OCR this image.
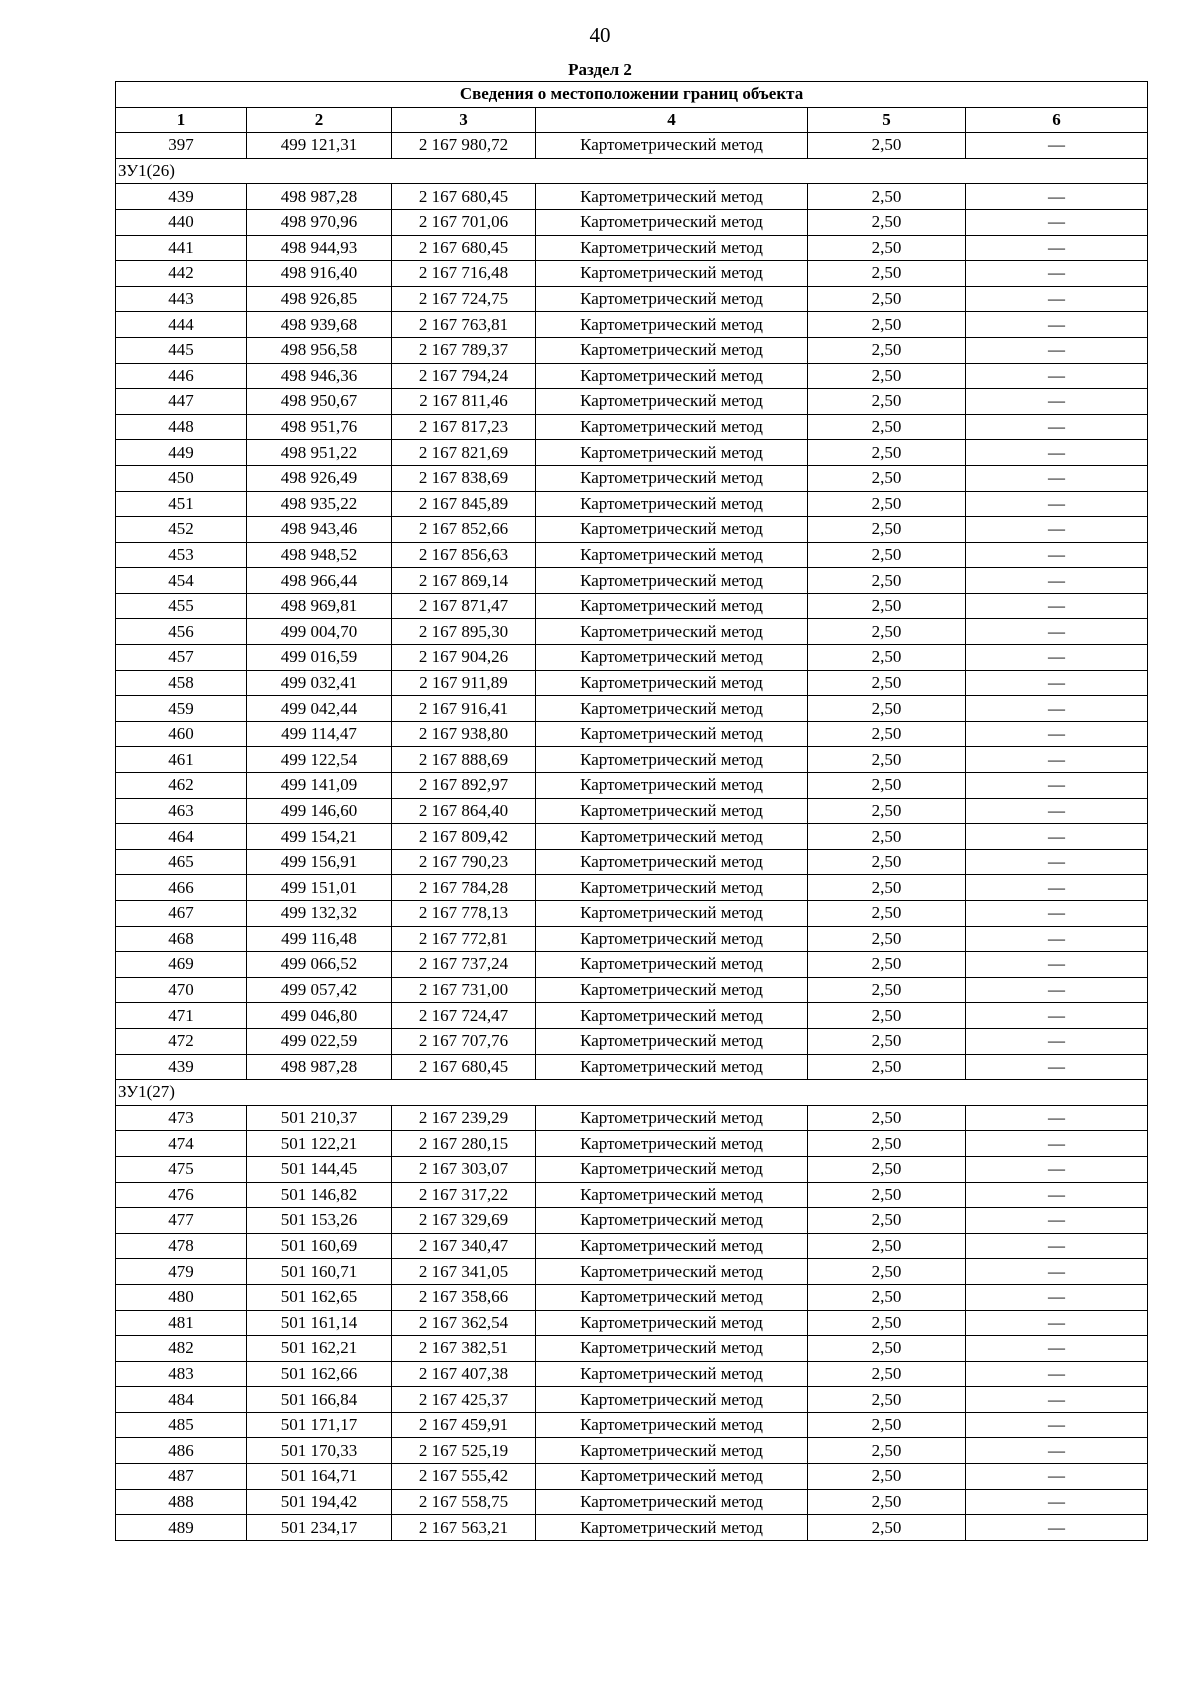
40
Раздел 2
Сведения о местоположении границ объекта					
1	2	3	4	5	6
397	499 121,31	2 167 980,72	Картометрический метод	2,50	—
ЗУ1(26)					
439	498 987,28	2 167 680,45	Картометрический метод	2,50	—
440	498 970,96	2 167 701,06	Картометрический метод	2,50	—
441	498 944,93	2 167 680,45	Картометрический метод	2,50	—
442	498 916,40	2 167 716,48	Картометрический метод	2,50	—
443	498 926,85	2 167 724,75	Картометрический метод	2,50	—
444	498 939,68	2 167 763,81	Картометрический метод	2,50	—
445	498 956,58	2 167 789,37	Картометрический метод	2,50	—
446	498 946,36	2 167 794,24	Картометрический метод	2,50	—
447	498 950,67	2 167 811,46	Картометрический метод	2,50	—
448	498 951,76	2 167 817,23	Картометрический метод	2,50	—
449	498 951,22	2 167 821,69	Картометрический метод	2,50	—
450	498 926,49	2 167 838,69	Картометрический метод	2,50	—
451	498 935,22	2 167 845,89	Картометрический метод	2,50	—
452	498 943,46	2 167 852,66	Картометрический метод	2,50	—
453	498 948,52	2 167 856,63	Картометрический метод	2,50	—
454	498 966,44	2 167 869,14	Картометрический метод	2,50	—
455	498 969,81	2 167 871,47	Картометрический метод	2,50	—
456	499 004,70	2 167 895,30	Картометрический метод	2,50	—
457	499 016,59	2 167 904,26	Картометрический метод	2,50	—
458	499 032,41	2 167 911,89	Картометрический метод	2,50	—
459	499 042,44	2 167 916,41	Картометрический метод	2,50	—
460	499 114,47	2 167 938,80	Картометрический метод	2,50	—
461	499 122,54	2 167 888,69	Картометрический метод	2,50	—
462	499 141,09	2 167 892,97	Картометрический метод	2,50	—
463	499 146,60	2 167 864,40	Картометрический метод	2,50	—
464	499 154,21	2 167 809,42	Картометрический метод	2,50	—
465	499 156,91	2 167 790,23	Картометрический метод	2,50	—
466	499 151,01	2 167 784,28	Картометрический метод	2,50	—
467	499 132,32	2 167 778,13	Картометрический метод	2,50	—
468	499 116,48	2 167 772,81	Картометрический метод	2,50	—
469	499 066,52	2 167 737,24	Картометрический метод	2,50	—
470	499 057,42	2 167 731,00	Картометрический метод	2,50	—
471	499 046,80	2 167 724,47	Картометрический метод	2,50	—
472	499 022,59	2 167 707,76	Картометрический метод	2,50	—
439	498 987,28	2 167 680,45	Картометрический метод	2,50	—
ЗУ1(27)					
473	501 210,37	2 167 239,29	Картометрический метод	2,50	—
474	501 122,21	2 167 280,15	Картометрический метод	2,50	—
475	501 144,45	2 167 303,07	Картометрический метод	2,50	—
476	501 146,82	2 167 317,22	Картометрический метод	2,50	—
477	501 153,26	2 167 329,69	Картометрический метод	2,50	—
478	501 160,69	2 167 340,47	Картометрический метод	2,50	—
479	501 160,71	2 167 341,05	Картометрический метод	2,50	—
480	501 162,65	2 167 358,66	Картометрический метод	2,50	—
481	501 161,14	2 167 362,54	Картометрический метод	2,50	—
482	501 162,21	2 167 382,51	Картометрический метод	2,50	—
483	501 162,66	2 167 407,38	Картометрический метод	2,50	—
484	501 166,84	2 167 425,37	Картометрический метод	2,50	—
485	501 171,17	2 167 459,91	Картометрический метод	2,50	—
486	501 170,33	2 167 525,19	Картометрический метод	2,50	—
487	501 164,71	2 167 555,42	Картометрический метод	2,50	—
488	501 194,42	2 167 558,75	Картометрический метод	2,50	—
489	501 234,17	2 167 563,21	Картометрический метод	2,50	—
